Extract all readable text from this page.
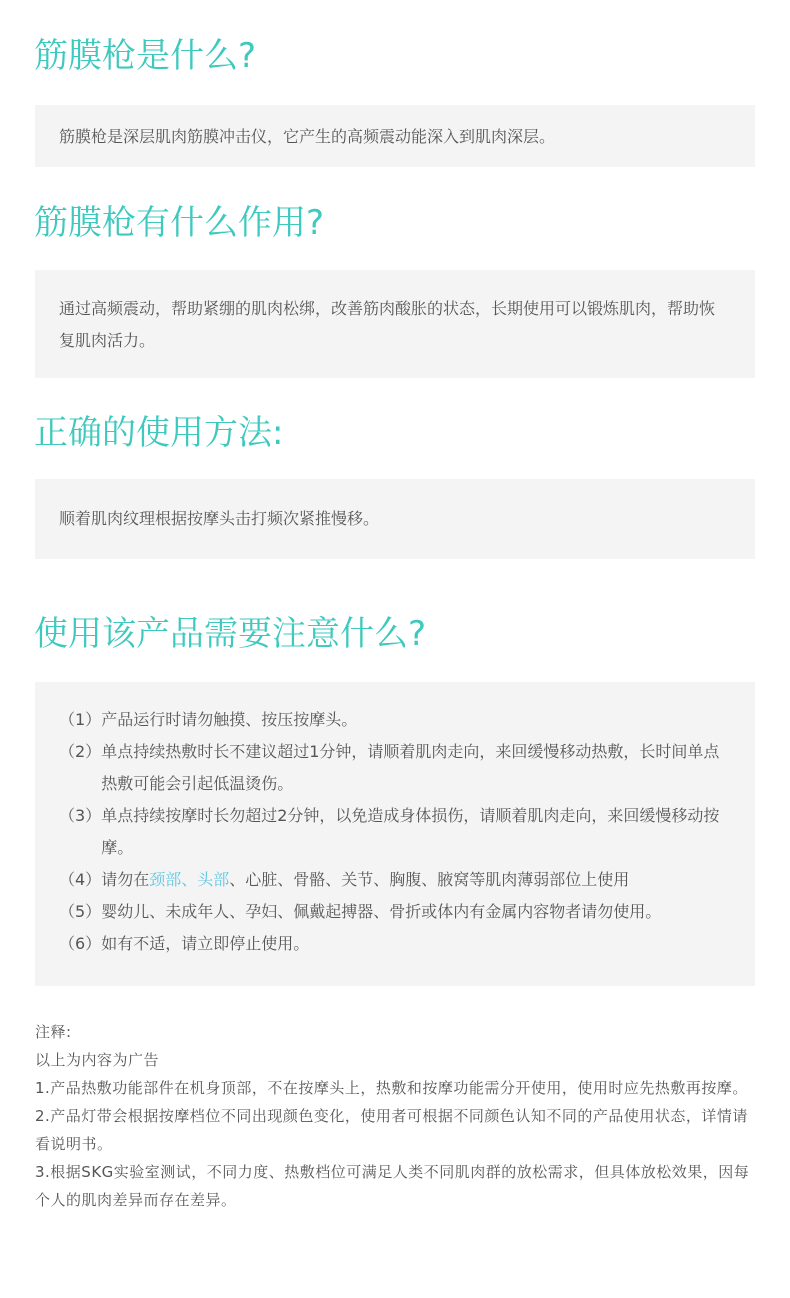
筋膜枪是什么?

筋膜枪是深层肌肉筋膜冲击仪，它产生的高频震动能深入到肌肉深层。

筋膜枪有什么作用?

通过高频震动，帮助紧绷的肌肉松绑，改善筋肉酸胀的状态，长期使用可以锻炼肌肉，帮助恢复肌肉活力。

正确的使用方法:

顺着肌肉纹理根据按摩头击打频次紧推慢移。

使用该产品需要注意什么?
（1） 产品运行时请勿触摸、按压按摩头。
（2） 单点持续热敷时长不建议超过1分钟，请顺着肌肉走向，来回缓慢移动热敷，长时间单点热敷可能会引起低温烫伤。
（3） 单点持续按摩时长勿超过2分钟，以免造成身体损伤，请顺着肌肉走向，来回缓慢移动按摩。
（4） 请勿在颈部、头部、心脏、骨骼、关节、胸腹、腋窝等肌肉薄弱部位上使用
（5） 婴幼儿、未成年人、孕妇、佩戴起搏器、骨折或体内有金属内容物者请勿使用。
（6） 如有不适，请立即停止使用。

注释:

以上为内容为广告

1.产品热敷功能部件在机身顶部，不在按摩头上，热敷和按摩功能需分开使用，使用时应先热敷再按摩。

2.产品灯带会根据按摩档位不同出现颜色变化，使用者可根据不同颜色认知不同的产品使用状态，详情请看说明书。

3.根据SKG实验室测试，不同力度、热敷档位可满足人类不同肌肉群的放松需求，但具体放松效果，因每个人的肌肉差异而存在差异。
